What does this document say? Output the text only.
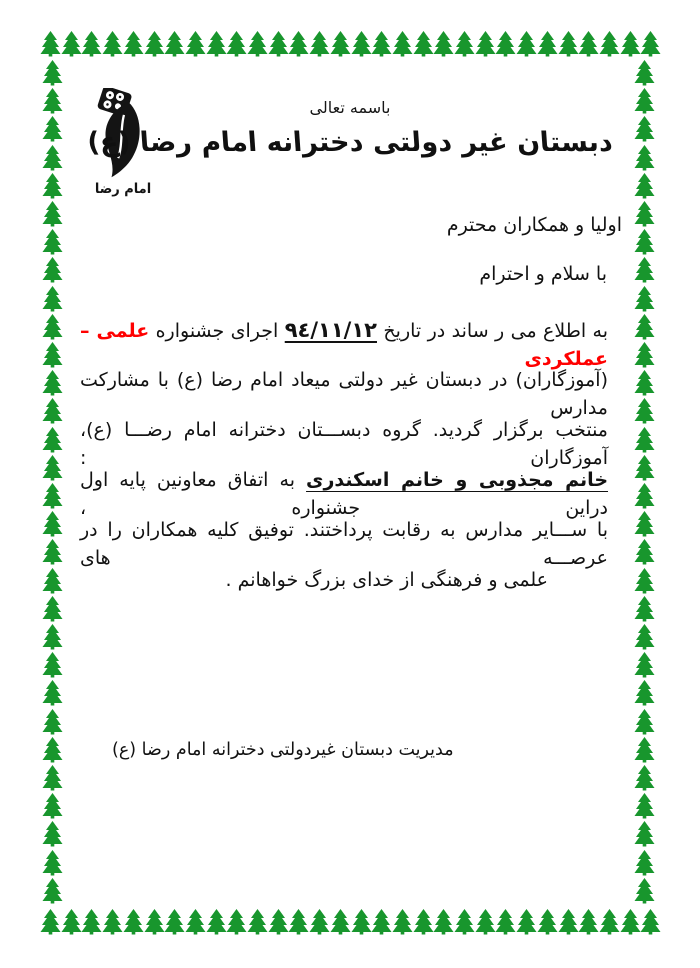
امام رضا
باسمه تعالی
دبستان غیر دولتی دخترانه امام رضا (ع)
اولیا و همکاران محترم
با سلام و احترام
به اطلاع می ر ساند در تاریخ ۹٤/۱۱/۱۲ اجرای جشنواره علمی – عملکردی
(آموزگاران) در دبستان غیر دولتی میعاد امام رضا (ع) با مشارکت مدارس
منتخب برگزار گردید. گروه دبســـتان دخترانه امام رضـــا (ع)، آموزگاران :
خانم مجذوبی و خانم اسکندری به اتفاق معاونین پایه اول دراین جشنواره ،
با ســـایر مدارس به رقابت پرداختند. توفیق کلیه همکاران را در عرصـــه های
علمی و فرهنگی از خدای بزرگ خواهانم .
مدیریت دبستان غیردولتی دخترانه امام رضا (ع)
